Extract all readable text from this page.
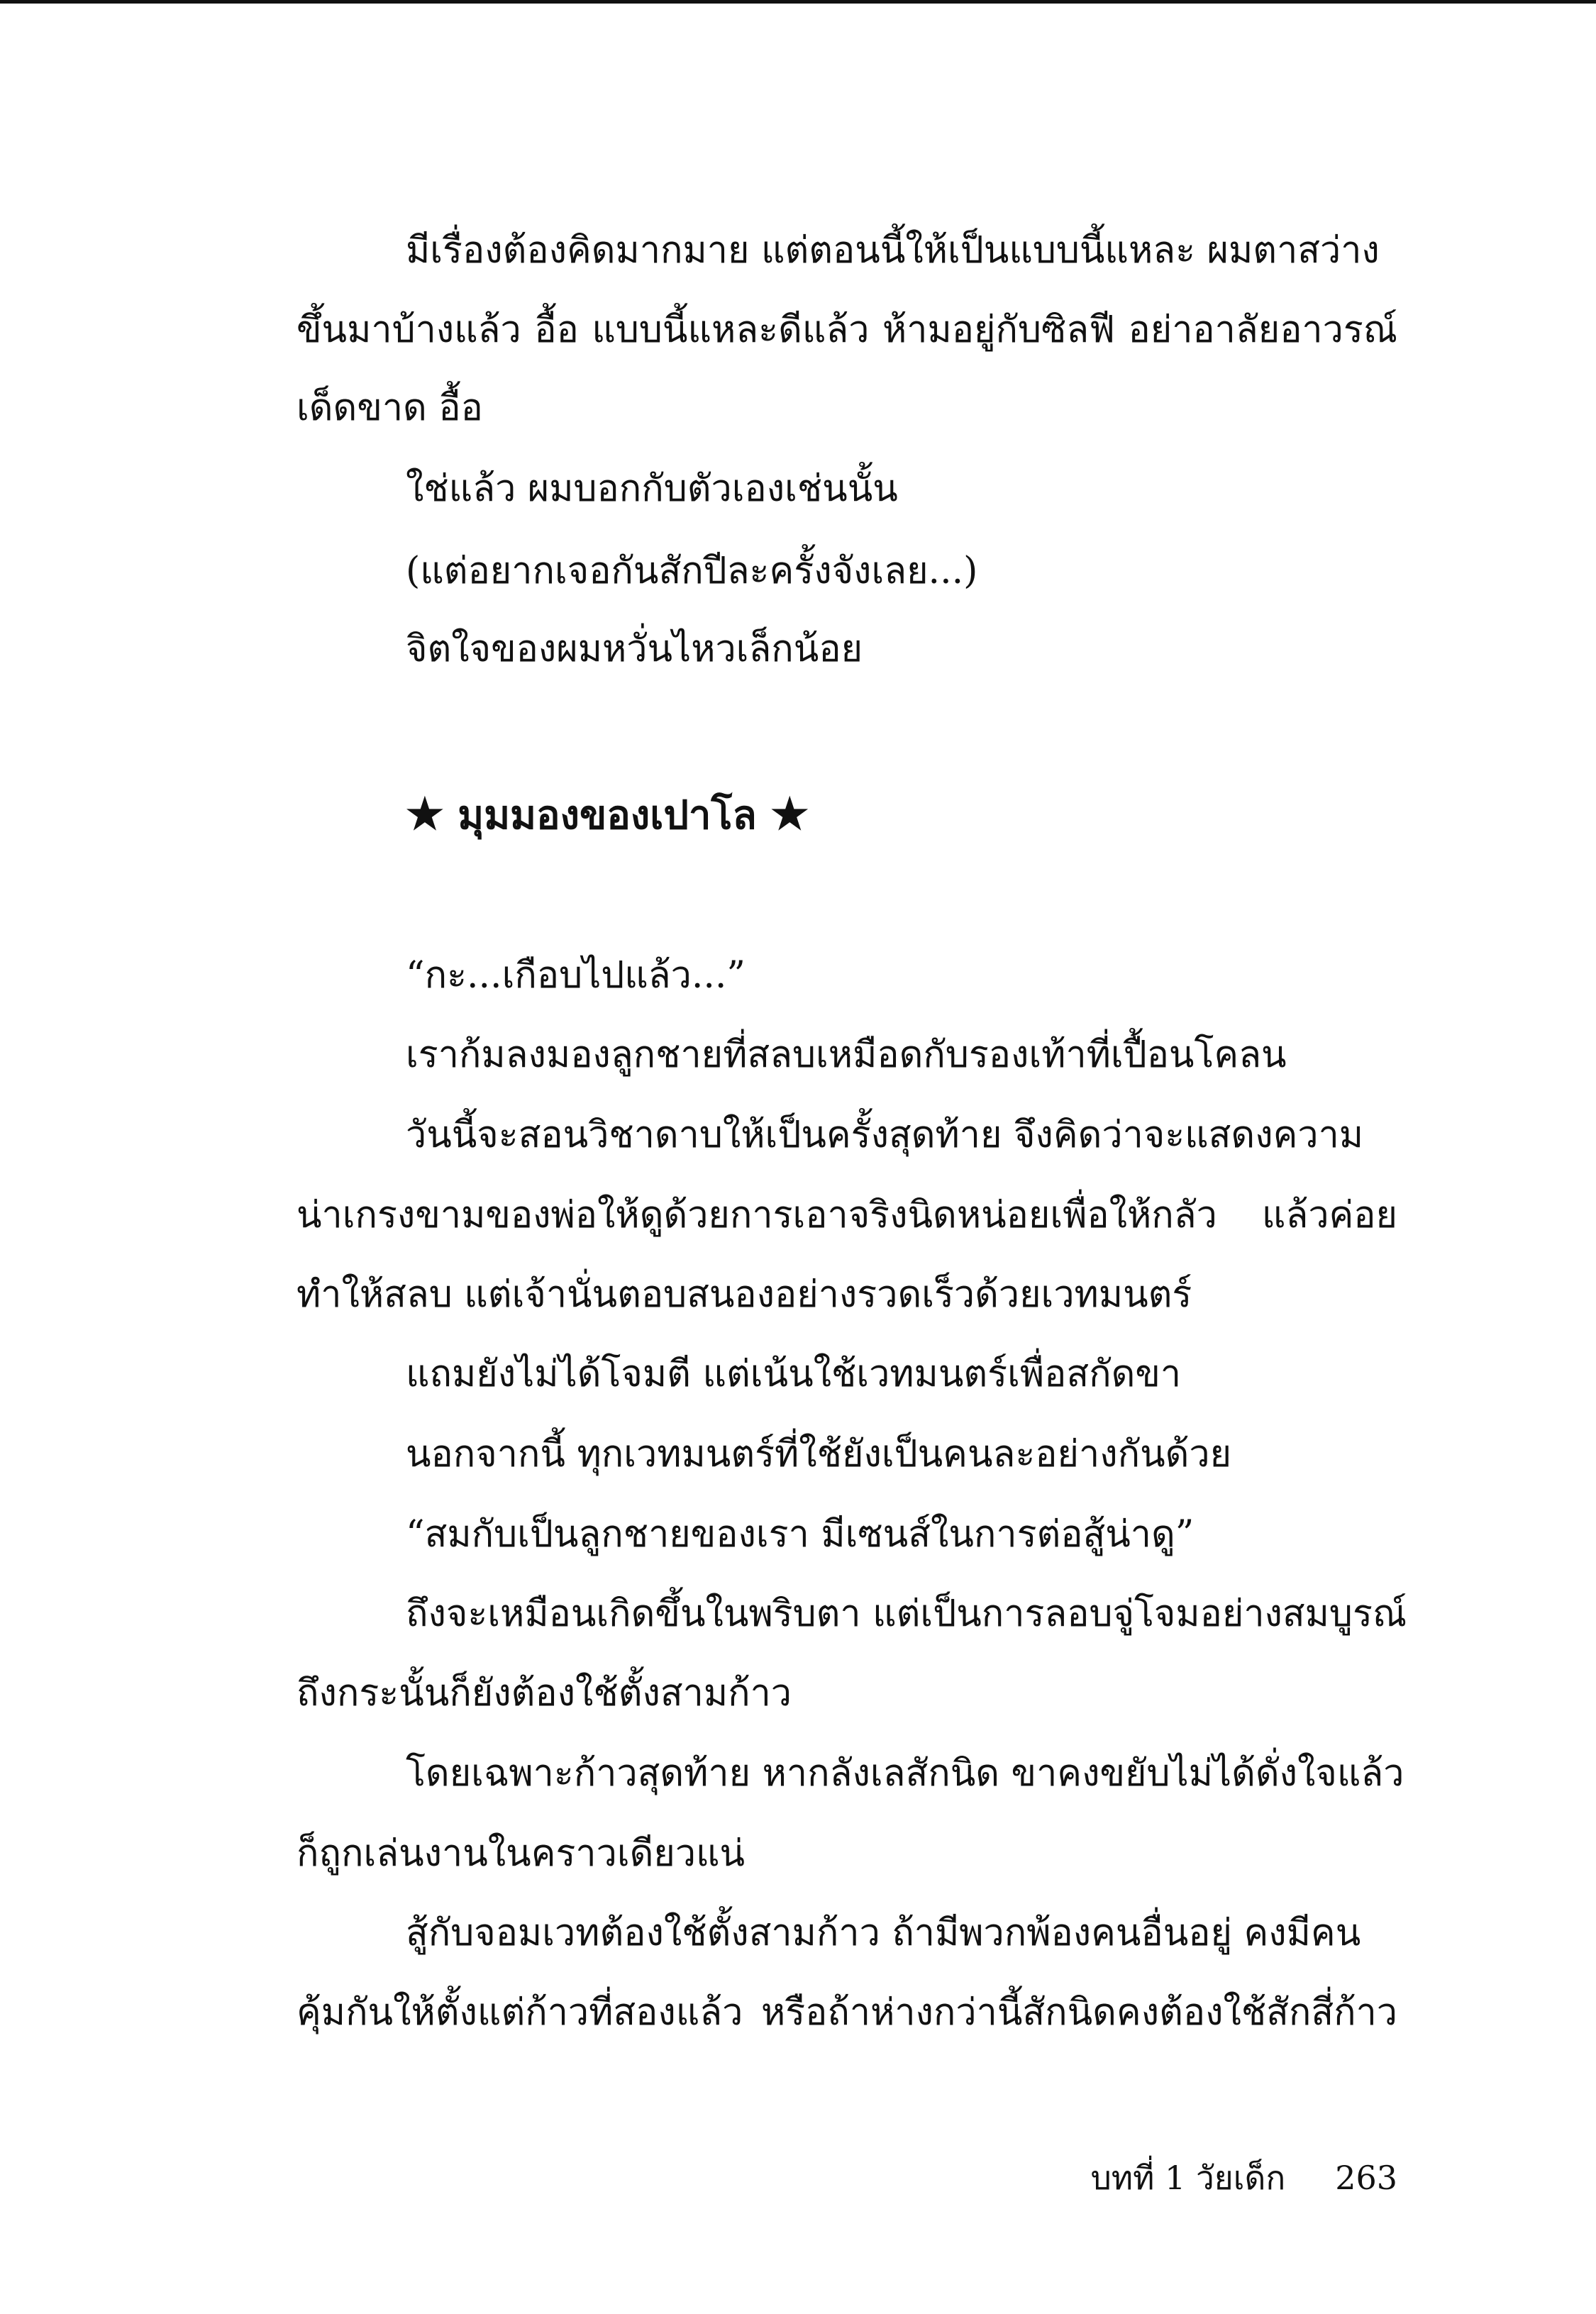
มีเรื่องต้องคิดมากมาย แต่ตอนนี้ให้เป็นแบบนี้แหละ ผมตาสว่าง
ขึ้นมาบ้างแล้ว อื้อ แบบนี้แหละดีแล้ว ห้ามอยู่กับซิลฟี อย่าอาลัยอาวรณ์
เด็ดขาด อื้อ
ใช่แล้ว ผมบอกกับตัวเองเช่นนั้น
(แต่อยากเจอกันสักปีละครั้งจังเลย...)
จิตใจของผมหวั่นไหวเล็กน้อย
★ มุมมองของเปาโล ★
“กะ...เกือบไปแล้ว...”
เราก้มลงมองลูกชายที่สลบเหมือดกับรองเท้าที่เปื้อนโคลน
วันนี้จะสอนวิชาดาบให้เป็นครั้งสุดท้าย จึงคิดว่าจะแสดงความ
น่าเกรงขามของพ่อให้ดูด้วยการเอาจริงนิดหน่อยเพื่อให้กลัว แล้วค่อย
ทำให้สลบ แต่เจ้านั่นตอบสนองอย่างรวดเร็วด้วยเวทมนตร์
แถมยังไม่ได้โจมตี แต่เน้นใช้เวทมนตร์เพื่อสกัดขา
นอกจากนี้ ทุกเวทมนตร์ที่ใช้ยังเป็นคนละอย่างกันด้วย
“สมกับเป็นลูกชายของเรา มีเซนส์ในการต่อสู้น่าดู”
ถึงจะเหมือนเกิดขึ้นในพริบตา แต่เป็นการลอบจู่โจมอย่างสมบูรณ์
ถึงกระนั้นก็ยังต้องใช้ตั้งสามก้าว
โดยเฉพาะก้าวสุดท้าย หากลังเลสักนิด ขาคงขยับไม่ได้ดั่งใจแล้ว
ก็ถูกเล่นงานในคราวเดียวแน่
สู้กับจอมเวทต้องใช้ตั้งสามก้าว ถ้ามีพวกพ้องคนอื่นอยู่ คงมีคน
คุ้มกันให้ตั้งแต่ก้าวที่สองแล้ว หรือถ้าห่างกว่านี้สักนิดคงต้องใช้สักสี่ก้าว
บทที่ 1 วัยเด็ก 263
